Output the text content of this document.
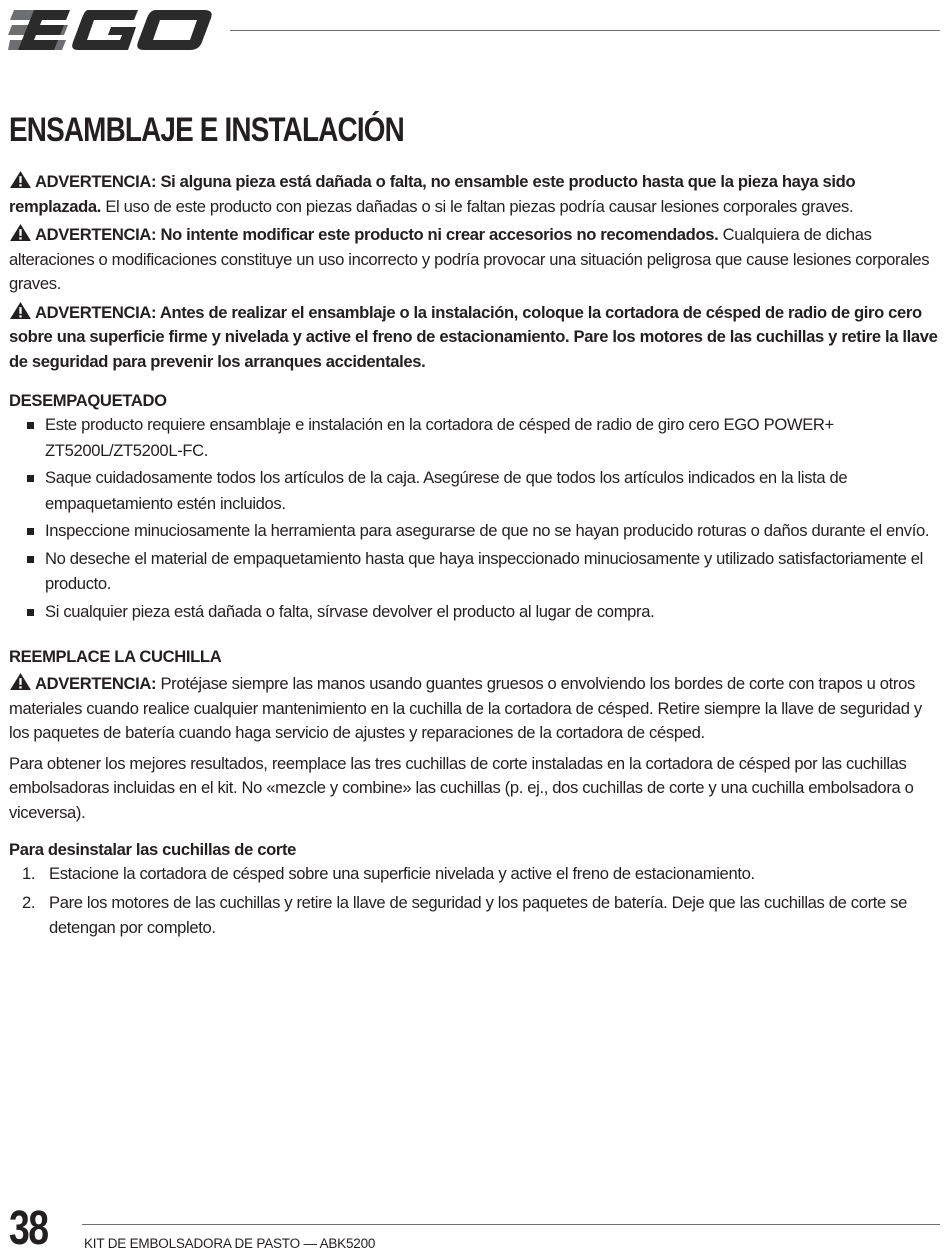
ENSAMBLAJE E INSTALACIÓN

ADVERTENCIA: Si alguna pieza está dañada o falta, no ensamble este producto hasta que la pieza haya sido remplazada. El uso de este producto con piezas dañadas o si le faltan piezas podría causar lesiones corporales graves.

ADVERTENCIA: No intente modificar este producto ni crear accesorios no recomendados. Cualquiera de dichas alteraciones o modificaciones constituye un uso incorrecto y podría provocar una situación peligrosa que cause lesiones corporales graves.

ADVERTENCIA: Antes de realizar el ensamblaje o la instalación, coloque la cortadora de césped de radio de giro cero sobre una superficie firme y nivelada y active el freno de estacionamiento. Pare los motores de las cuchillas y retire la llave de seguridad para prevenir los arranques accidentales.

DESEMPAQUETADO
Este producto requiere ensamblaje e instalación en la cortadora de césped de radio de giro cero EGO POWER+ ZT5200L/ZT5200L-FC.
Saque cuidadosamente todos los artículos de la caja. Asegúrese de que todos los artículos indicados en la lista de empaquetamiento estén incluidos.
Inspeccione minuciosamente la herramienta para asegurarse de que no se hayan producido roturas o daños durante el envío.
No deseche el material de empaquetamiento hasta que haya inspeccionado minuciosamente y utilizado satisfactoriamente el producto.
Si cualquier pieza está dañada o falta, sírvase devolver el producto al lugar de compra.
REEMPLACE LA CUCHILLA

ADVERTENCIA: Protéjase siempre las manos usando guantes gruesos o envolviendo los bordes de corte con trapos u otros materiales cuando realice cualquier mantenimiento en la cuchilla de la cortadora de césped. Retire siempre la llave de seguridad y los paquetes de batería cuando haga servicio de ajustes y reparaciones de la cortadora de césped.

Para obtener los mejores resultados, reemplace las tres cuchillas de corte instaladas en la cortadora de césped por las cuchillas embolsadoras incluidas en el kit. No «mezcle y combine» las cuchillas (p. ej., dos cuchillas de corte y una cuchilla embolsadora o viceversa).

Para desinstalar las cuchillas de corte
1. Estacione la cortadora de césped sobre una superficie nivelada y active el freno de estacionamiento.
2. Pare los motores de las cuchillas y retire la llave de seguridad y los paquetes de batería. Deje que las cuchillas de corte se detengan por completo.
38	KIT DE EMBOLSADORA DE PASTO — ABK5200
